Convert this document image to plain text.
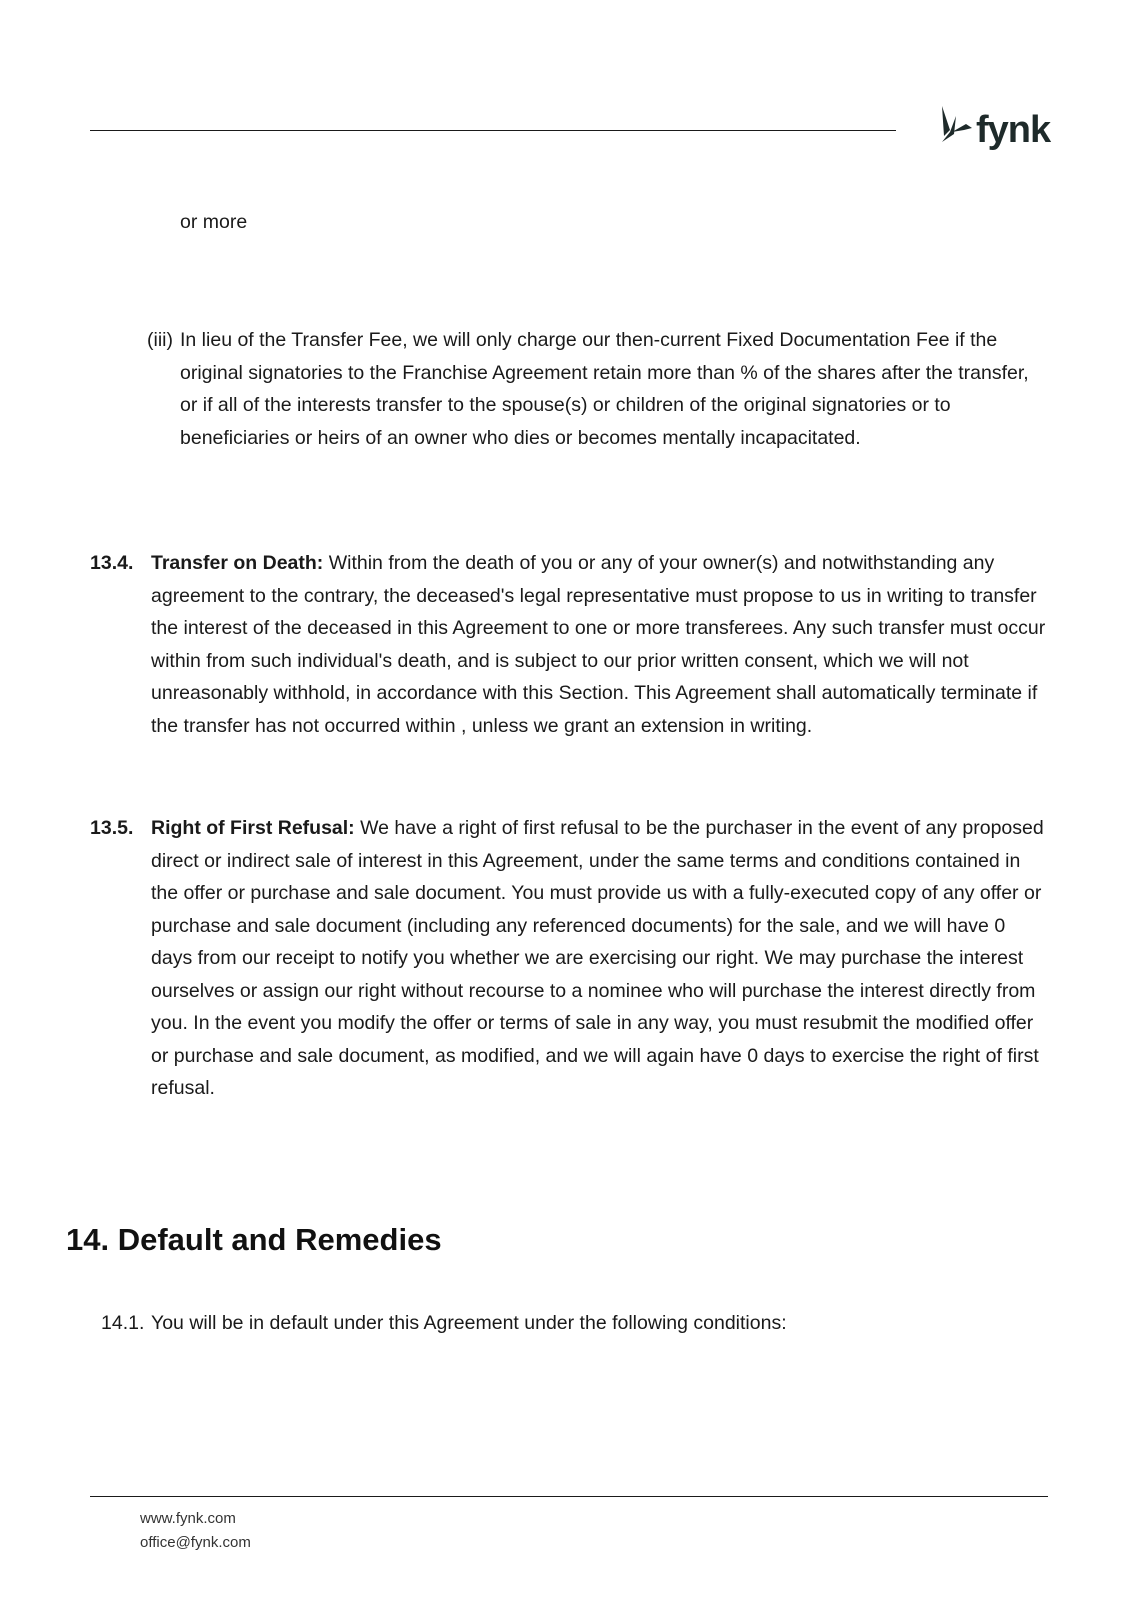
fynk
or more
(iii) In lieu of the Transfer Fee, we will only charge our then-current Fixed Documentation Fee if the original signatories to the Franchise Agreement retain more than % of the shares after the transfer, or if all of the interests transfer to the spouse(s) or children of the original signatories or to beneficiaries or heirs of an owner who dies or becomes mentally incapacitated.
13.4. Transfer on Death: Within from the death of you or any of your owner(s) and notwithstanding any agreement to the contrary, the deceased's legal representative must propose to us in writing to transfer the interest of the deceased in this Agreement to one or more transferees. Any such transfer must occur within from such individual's death, and is subject to our prior written consent, which we will not unreasonably withhold, in accordance with this Section. This Agreement shall automatically terminate if the transfer has not occurred within , unless we grant an extension in writing.
13.5. Right of First Refusal: We have a right of first refusal to be the purchaser in the event of any proposed direct or indirect sale of interest in this Agreement, under the same terms and conditions contained in the offer or purchase and sale document. You must provide us with a fully-executed copy of any offer or purchase and sale document (including any referenced documents) for the sale, and we will have 0 days from our receipt to notify you whether we are exercising our right. We may purchase the interest ourselves or assign our right without recourse to a nominee who will purchase the interest directly from you. In the event you modify the offer or terms of sale in any way, you must resubmit the modified offer or purchase and sale document, as modified, and we will again have 0 days to exercise the right of first refusal.
14. Default and Remedies
14.1. You will be in default under this Agreement under the following conditions:
www.fynk.com
office@fynk.com
